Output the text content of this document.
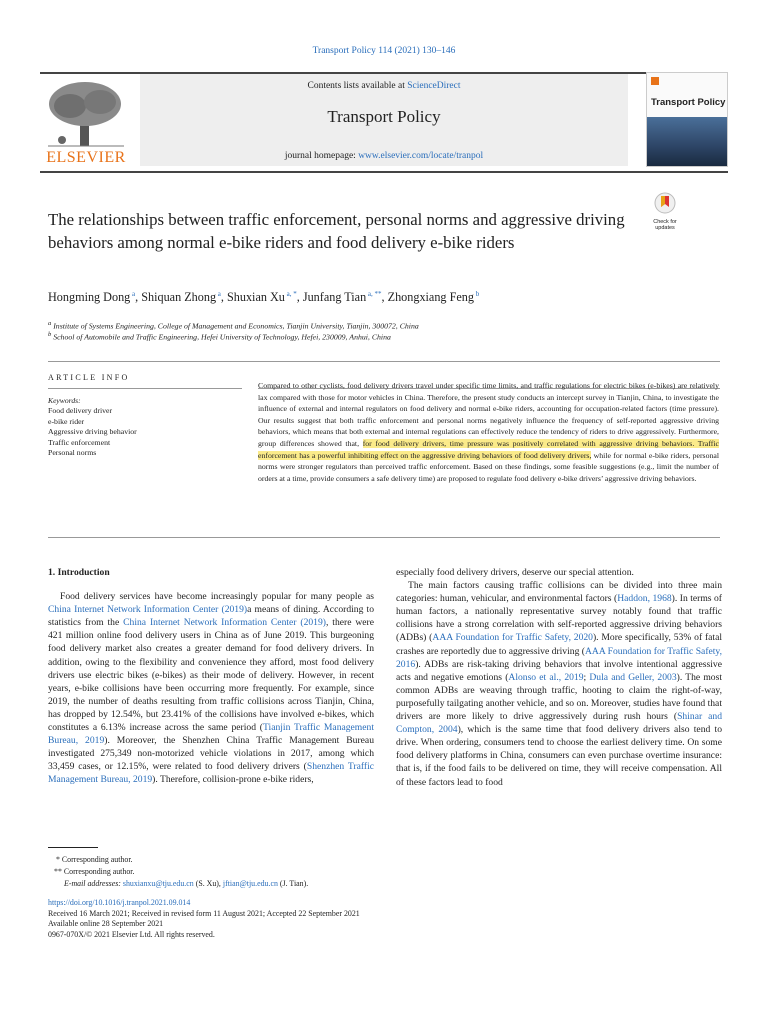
Transport Policy 114 (2021) 130–146
ELSEVIER
Contents lists available at ScienceDirect
Transport Policy
journal homepage: www.elsevier.com/locate/tranpol
Transport Policy
Check for
updates
The relationships between traffic enforcement, personal norms and aggressive driving behaviors among normal e-bike riders and food delivery e-bike riders
Hongming Dong $^a$, Shiquan Zhong $^a$, Shuxian Xu $^{a, *}$, Junfang Tian $^{a, **}$, Zhongxiang Feng $^b$
$^a$ Institute of Systems Engineering, College of Management and Economics, Tianjin University, Tianjin, 300072, China
$^b$ School of Automobile and Traffic Engineering, Hefei University of Technology, Hefei, 230009, Anhui, China
ARTICLE INFO
Keywords:
Food delivery driver
e-bike rider
Aggressive driving behavior
Traffic enforcement
Personal norms
Compared to other cyclists, food delivery drivers travel under specific time limits, and traffic regulations for electric bikes (e-bikes) are relatively lax compared with those for motor vehicles in China. Therefore, the present study conducts an intercept survey in Tianjin, China, to investigate the influence of external and internal regulators on food delivery and normal e-bike riders, accounting for occupation-related factors (time pressure). Our results suggest that both traffic enforcement and personal norms negatively influence the frequency of self-reported aggressive driving behaviors, which means that both external and internal regulations can effectively reduce the tendency of riders to drive aggressively. Furthermore, group differences showed that, for food delivery drivers, time pressure was positively correlated with aggressive driving behaviors. Traffic enforcement has a powerful inhibiting effect on the aggressive driving behaviors of food delivery drivers, while for normal e-bike riders, personal norms were stronger regulators than perceived traffic enforcement. Based on these findings, some feasible suggestions (e.g., limit the number of orders at a time, provide consumers a safe delivery time) are proposed to regulate food delivery e-bike drivers’ aggressive driving behaviors.
1. Introduction

Food delivery services have become increasingly popular for many people as China Internet Network Information Center (2019)a means of dining. According to statistics from the China Internet Network Information Center (2019), there were 421 million online food delivery users in China as of June 2019. This burgeoning food delivery market also creates a greater demand for food delivery drivers. In addition, owing to the flexibility and convenience they afford, most food delivery drivers use electric bikes (e-bikes) as their mode of delivery. However, in recent years, e-bike collisions have been occurring more frequently. For example, since 2019, the number of deaths resulting from traffic collisions across Tianjin, China, has dropped by 12.54%, but 23.41% of the collisions have involved e-bikes, which constitutes a 6.13% increase across the same period (Tianjin Traffic Management Bureau, 2019). Moreover, the Shenzhen China Traffic Management Bureau investigated 275,349 non-motorized vehicle violations in 2017, among which 33,459 cases, or 12.15%, were related to food delivery drivers (Shenzhen Traffic Management Bureau, 2019). Therefore, collision-prone e-bike riders,

especially food delivery drivers, deserve our special attention.

The main factors causing traffic collisions can be divided into three main categories: human, vehicular, and environmental factors (Haddon, 1968). In terms of human factors, a nationally representative survey notably found that traffic collisions have a strong correlation with self-reported aggressive driving behaviors (ADBs) (AAA Foundation for Traffic Safety, 2020). More specifically, 53% of fatal crashes are reportedly due to aggressive driving (AAA Foundation for Traffic Safety, 2016). ADBs are risk-taking driving behaviors that involve intentional aggressive acts and negative emotions (Alonso et al., 2019; Dula and Geller, 2003). The most common ADBs are weaving through traffic, hooting to claim the right-of-way, purposefully tailgating another vehicle, and so on. Moreover, studies have found that drivers are more likely to drive aggressively during rush hours (Shinar and Compton, 2004), which is the same time that food delivery drivers also tend to drive. When ordering, consumers tend to choose the earliest delivery time. On some food delivery platforms in China, consumers can even purchase overtime insurance: that is, if the food fails to be delivered on time, they will receive compensation. All of these factors lead to food

* Corresponding author.
** Corresponding author.
E-mail addresses: shuxianxu@tju.edu.cn (S. Xu), jftian@tju.edu.cn (J. Tian).
https://doi.org/10.1016/j.tranpol.2021.09.014
Received 16 March 2021; Received in revised form 11 August 2021; Accepted 22 September 2021
Available online 28 September 2021
0967-070X/© 2021 Elsevier Ltd. All rights reserved.
